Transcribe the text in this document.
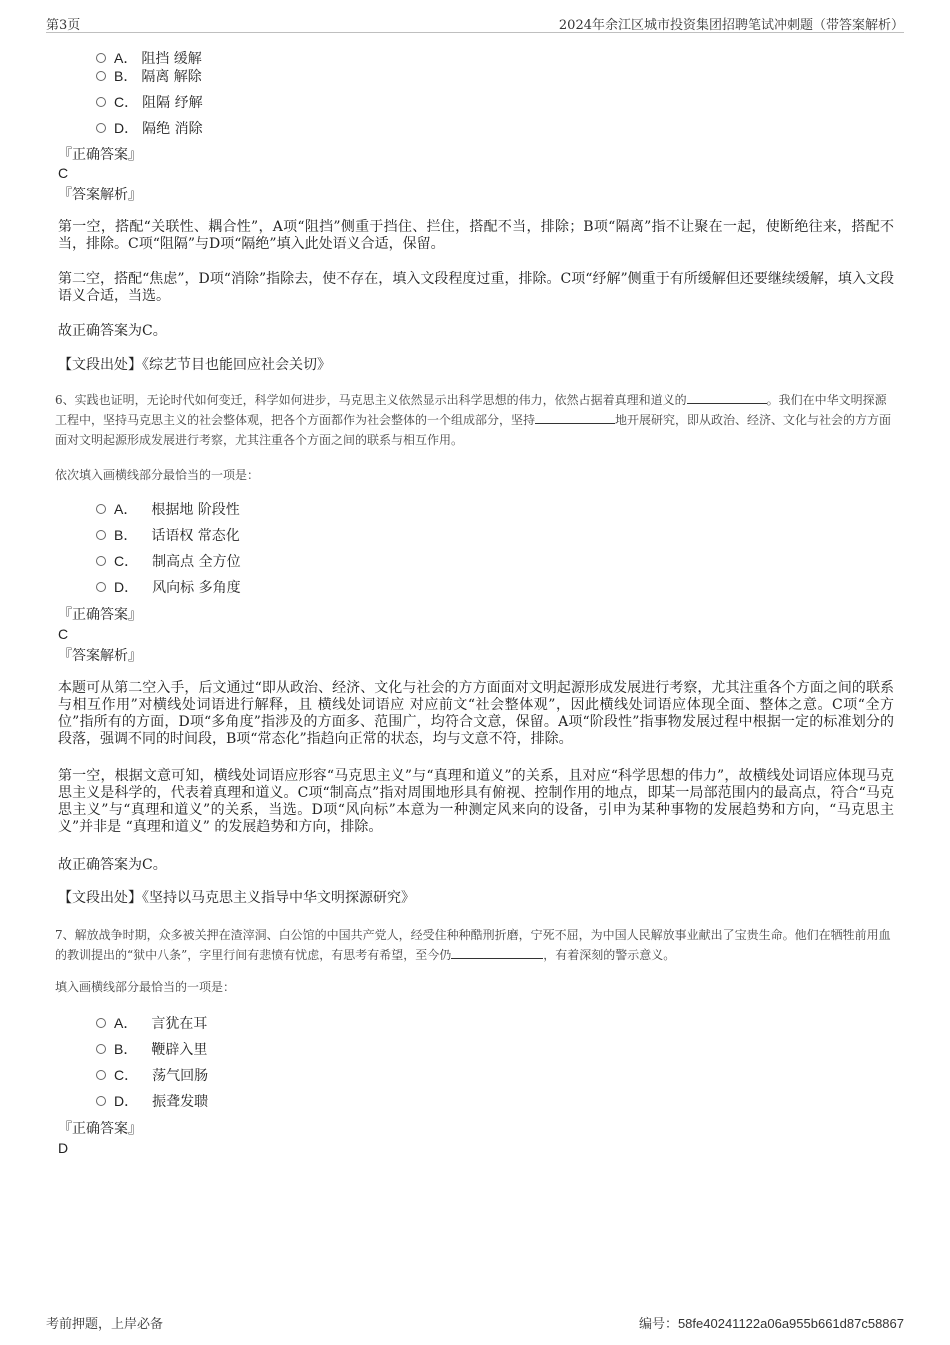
第3页	2024年余江区城市投资集团招聘笔试冲刺题（带答案解析）
A． 阻挡 缓解
B． 隔离 解除
C． 阻隔 纾解
D． 隔绝 消除
『正确答案』
C
『答案解析』

第一空，搭配“关联性、耦合性”，A项“阻挡”侧重于挡住、拦住，搭配不当，排除；B项“隔离”指不让聚在一起，使断绝往来，搭配不当，排除。C项“阻隔”与D项“隔绝”填入此处语义合适，保留。

第二空，搭配“焦虑”，D项“消除”指除去，使不存在，填入文段程度过重，排除。C项“纾解”侧重于有所缓解但还要继续缓解，填入文段语义合适，当选。

故正确答案为C。

【文段出处】《综艺节目也能回应社会关切》

6、实践也证明，无论时代如何变迁，科学如何进步，马克思主义依然显示出科学思想的伟力，依然占据着真理和道义的	。我们在中华文明探源工程中，坚持马克思主义的社会整体观，把各个方面都作为社会整体的一个组成部分，坚持	地开展研究，即从政治、经济、文化与社会的方方面面对文明起源形成发展进行考察，尤其注重各个方面之间的联系与相互作用。

依次填入画横线部分最恰当的一项是：
A． 根据地 阶段性
B． 话语权 常态化
C． 制高点 全方位
D． 风向标 多角度
『正确答案』
C
『答案解析』

本题可从第二空入手，后文通过“即从政治、经济、文化与社会的方方面面对文明起源形成发展进行考察，尤其注重各个方面之间的联系与相互作用”对横线处词语进行解释，且 横线处词语应 对应前文“社会整体观”，因此横线处词语应体现全面、整体之意。C项“全方位”指所有的方面，D项“多角度”指涉及的方面多、范围广，均符合文意，保留。A项“阶段性”指事物发展过程中根据一定的标准划分的段落，强调不同的时间段，B项“常态化”指趋向正常的状态，均与文意不符，排除。

第一空，根据文意可知，横线处词语应形容“马克思主义”与“真理和道义”的关系，且对应“科学思想的伟力”，故横线处词语应体现马克思主义是科学的，代表着真理和道义。C项“制高点”指对周围地形具有俯视、控制作用的地点，即某一局部范围内的最高点，符合“马克思主义”与“真理和道义”的关系，当选。D项“风向标”本意为一种测定风来向的设备，引申为某种事物的发展趋势和方向，“马克思主义”并非是 “真理和道义” 的发展趋势和方向，排除。

故正确答案为C。

【文段出处】《坚持以马克思主义指导中华文明探源研究》

7、解放战争时期，众多被关押在渣滓洞、白公馆的中国共产党人，经受住种种酷刑折磨，宁死不屈，为中国人民解放事业献出了宝贵生命。他们在牺牲前用血的教训提出的“狱中八条”，字里行间有悲愤有忧虑，有思考有希望，至今仍	，有着深刻的警示意义。

填入画横线部分最恰当的一项是：
A． 言犹在耳
B． 鞭辟入里
C． 荡气回肠
D． 振聋发聩
『正确答案』
D
考前押题，上岸必备	编号：58fe40241122a06a955b661d87c58867
